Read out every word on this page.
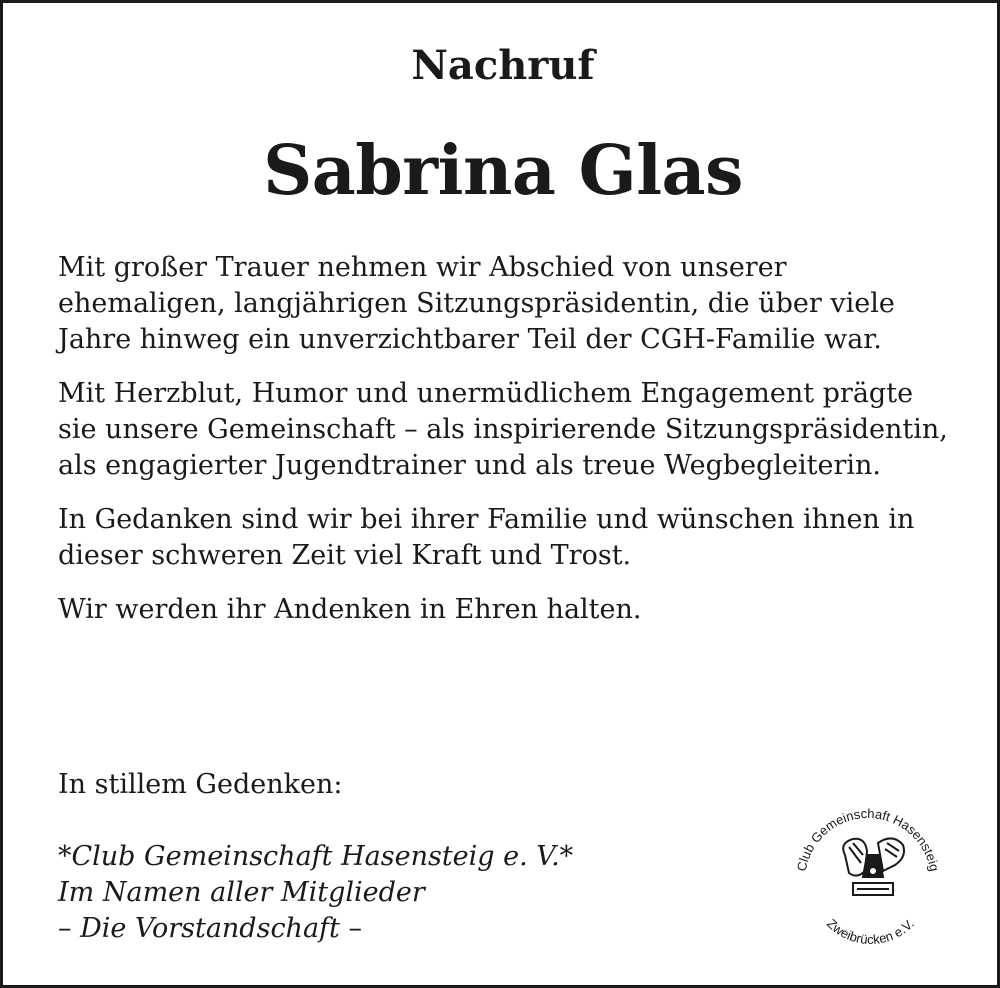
Nachruf
Sabrina Glas

Mit großer Trauer nehmen wir Abschied von unserer ehemaligen, langjährigen Sitzungspräsidentin, die über viele Jahre hinweg ein unverzichtbarer Teil der CGH-Familie war.

Mit Herzblut, Humor und unermüdlichem Engagement prägte sie unsere Gemeinschaft – als inspirierende Sitzungspräsidentin, als engagierter Jugendtrainer und als treue Wegbegleiterin.

In Gedanken sind wir bei ihrer Familie und wünschen ihnen in dieser schweren Zeit viel Kraft und Trost.

Wir werden ihr Andenken in Ehren halten.

In stillem Gedenken:
*Club Gemeinschaft Hasensteig e. V.*
Im Namen aller Mitglieder
– Die Vorstandschaft –
Club Gemeinschaft Hasensteig
Zweibrücken e.V.
